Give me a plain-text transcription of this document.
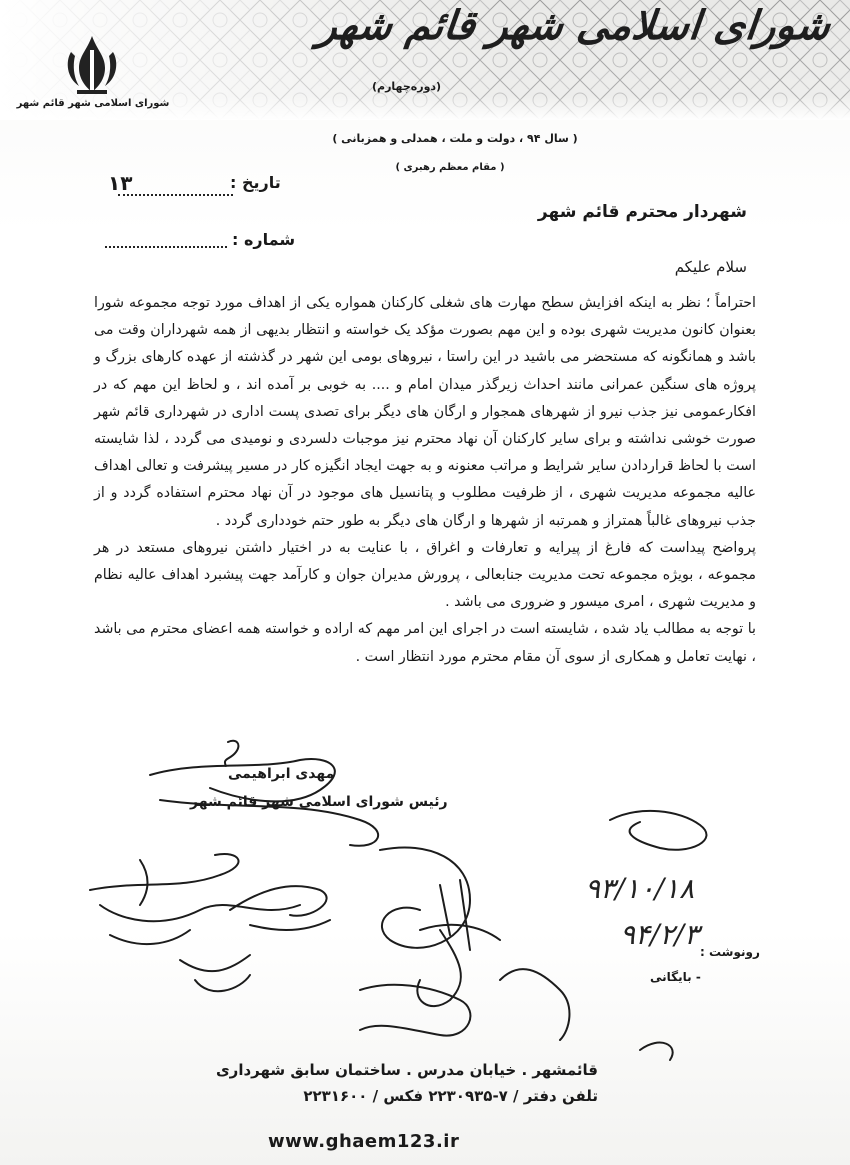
شورای اسلامی شهر قائم شهر
شورای اسلامی شهر قائم شهر
(دوره‌چهارم)
( سال ۹۴ ، دولت و ملت ، همدلی و همزبانی )
( مقام معظم رهبری )
تاریخ :
۱۳
شماره :
شهردار محترم قائم شهر
سلام علیکم

احتراماً ؛ نظر به اینکه افزایش سطح مهارت های شغلی کارکنان همواره یکی از اهداف مورد توجه مجموعه شورا بعنوان کانون مدیریت شهری بوده و این مهم بصورت مؤکد یک خواسته و انتظار بدیهی از همه شهرداران وقت می باشد و همانگونه که مستحضر می باشید در این راستا ، نیروهای بومی این شهر در گذشته از عهده کارهای بزرگ و پروژه های سنگین عمرانی مانند احداث زیرگذر میدان امام و .... به خوبی بر آمده اند ، و لحاظ این مهم که در افکارعمومی نیز جذب نیرو از شهرهای همجوار و ارگان های دیگر برای تصدی پست اداری در شهرداری قائم شهر صورت خوشی نداشته و برای سایر کارکنان آن نهاد محترم نیز موجبات دلسردی و نومیدی می گردد ، لذا شایسته است با لحاظ قراردادن سایر شرایط و مراتب معنونه و به جهت ایجاد انگیزه کار در مسیر پیشرفت و تعالی اهداف عالیه مجموعه مدیریت شهری ، از ظرفیت مطلوب و پتانسیل های موجود در آن نهاد محترم استفاده گردد و از جذب نیروهای غالباً همتراز و همرتبه از شهرها و ارگان های دیگر به طور حتم خودداری گردد .

پرواضح پیداست که فارغ از پیرایه و تعارفات و اغراق ، با عنایت به در اختیار داشتن نیروهای مستعد در هر مجموعه ، بویژه مجموعه تحت مدیریت جنابعالی ، پرورش مدیران جوان و کارآمد جهت پیشبرد اهداف عالیه نظام و مدیریت شهری ، امری میسور و ضروری می باشد .

با توجه به مطالب یاد شده ، شایسته است در اجرای این امر مهم که اراده و خواسته همه اعضای محترم می باشد ، نهایت تعامل و همکاری از سوی آن مقام محترم مورد انتظار است .

مهدی ابراهیمی
رئیس شورای اسلامی شهر قائم شهر
۹۳/۱۰/۱۸
۹۴/۲/۳
رونوشت :
- بایگانی
قائمشهر . خیابان مدرس . ساختمان سابق شهرداری
تلفن دفتر / ۷-۲۲۳۰۹۳۵ فکس / ۲۲۳۱۶۰۰
www.ghaem123.ir
